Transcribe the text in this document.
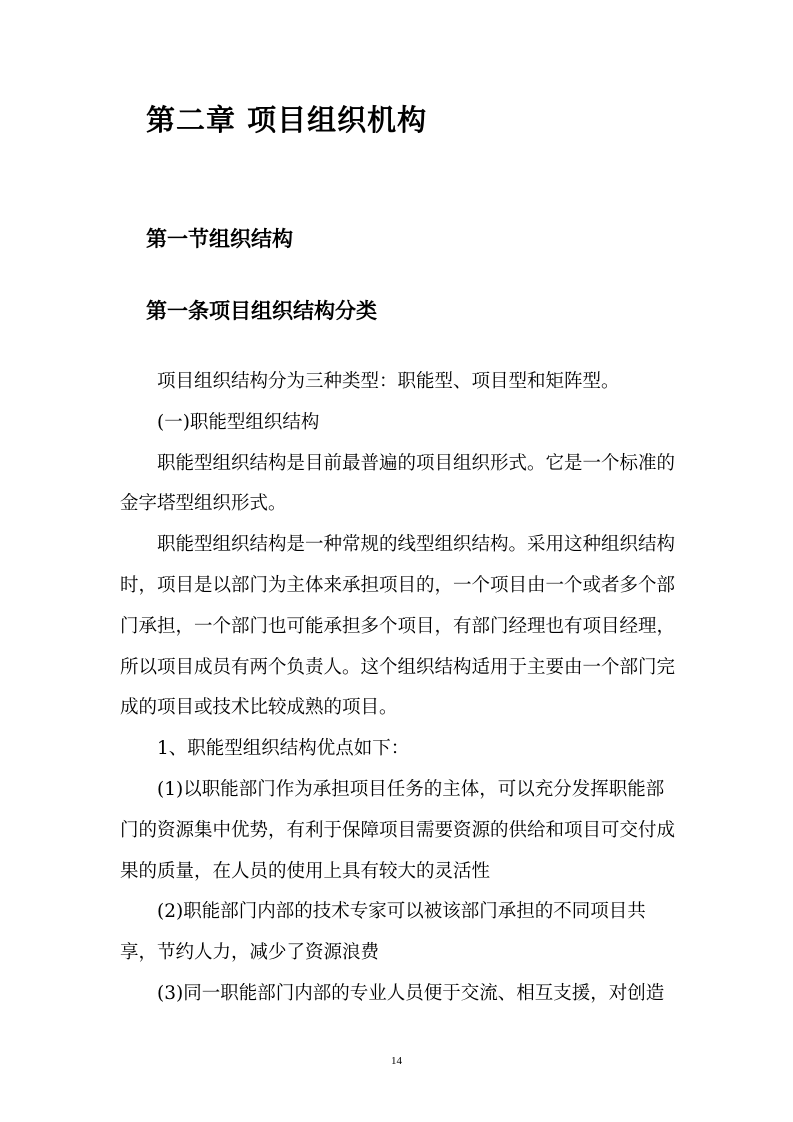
第二章 项目组织机构
第一节组织结构
第一条项目组织结构分类

项目组织结构分为三种类型：职能型、项目型和矩阵型。

(一)职能型组织结构

职能型组织结构是目前最普遍的项目组织形式。它是一个标准的金字塔型组织形式。

职能型组织结构是一种常规的线型组织结构。采用这种组织结构时，项目是以部门为主体来承担项目的，一个项目由一个或者多个部门承担，一个部门也可能承担多个项目，有部门经理也有项目经理，所以项目成员有两个负责人。这个组织结构适用于主要由一个部门完成的项目或技术比较成熟的项目。

1、职能型组织结构优点如下：

(1)以职能部门作为承担项目任务的主体，可以充分发挥职能部门的资源集中优势，有利于保障项目需要资源的供给和项目可交付成果的质量，在人员的使用上具有较大的灵活性

(2)职能部门内部的技术专家可以被该部门承担的不同项目共享，节约人力，减少了资源浪费

(3)同一职能部门内部的专业人员便于交流、相互支援，对创造

14
